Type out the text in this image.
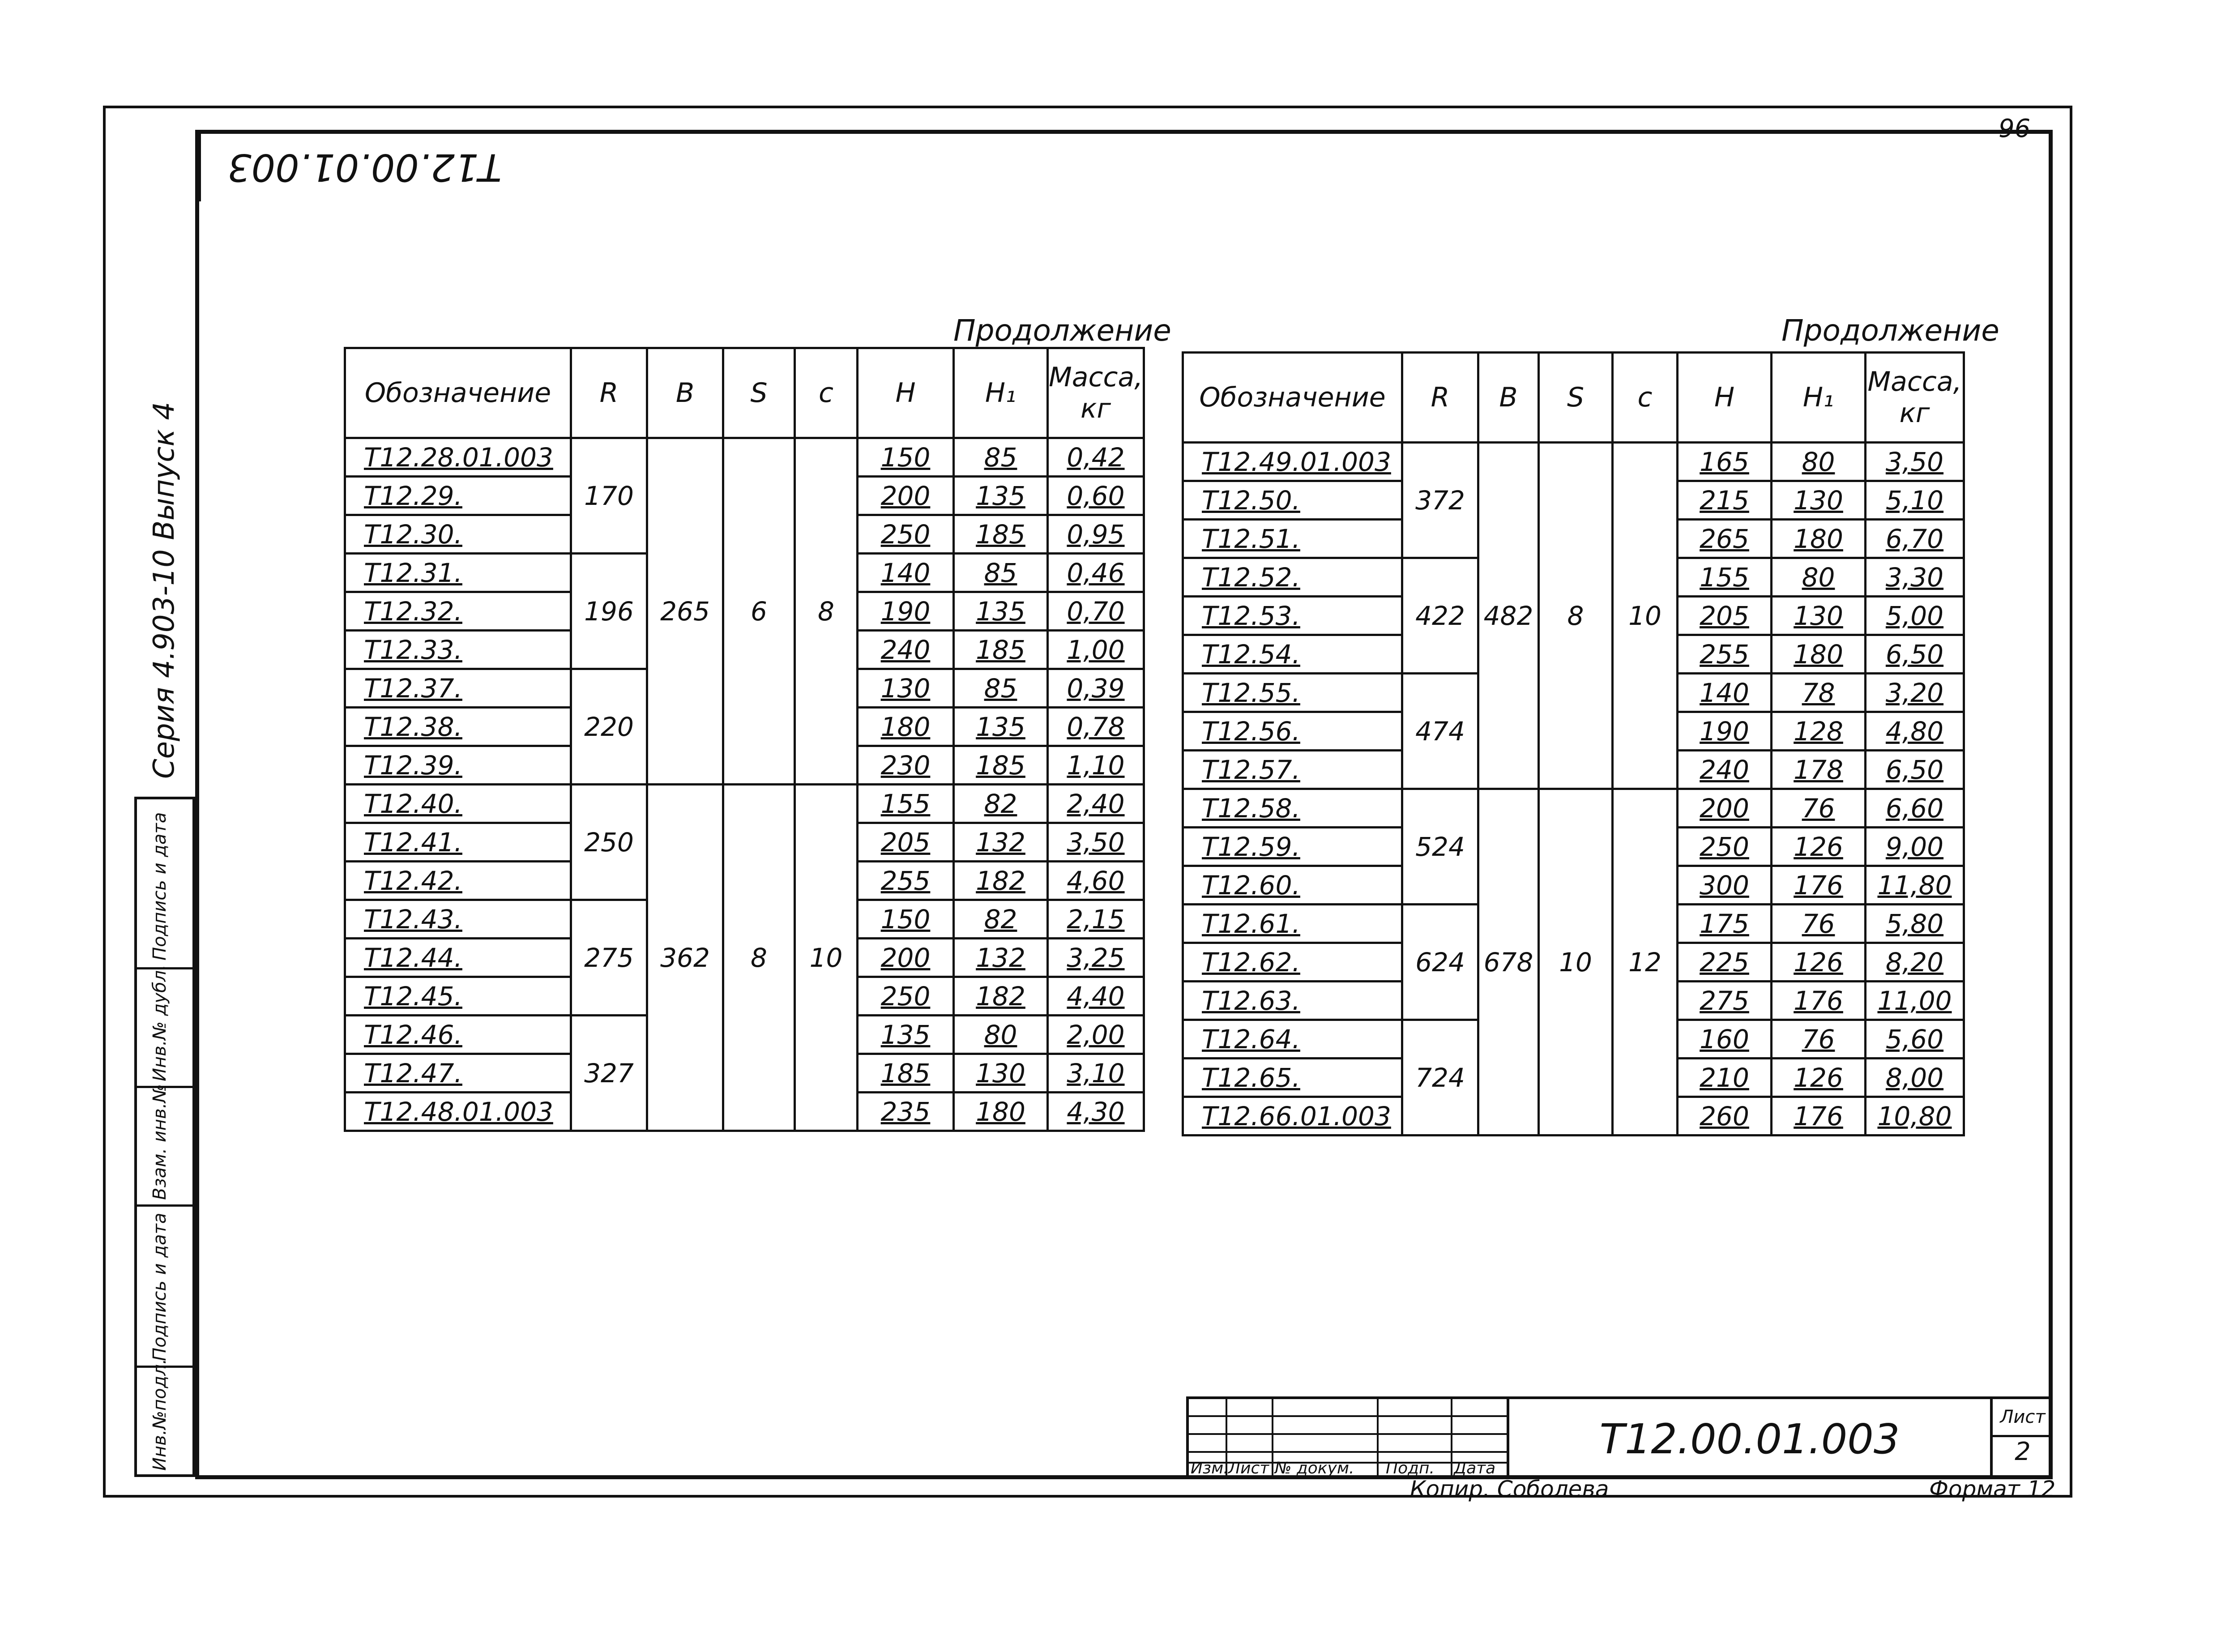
Т12.00.01.003
96
Серия 4.903-10 Выпуск 4
Подпись и дата
Инв.№ дубл.
Взам. инв.№
Подпись и дата
Инв.№подл.
Продолжение	Продолжение
Обозначение	R	B	S	c	H	H₁	Масса, кг
Т12.28.01.003	170	265	6	8	150	85	0,42
Т12.29.					200	135	0,60
Т12.30.					250	185	0,95
Т12.31.	196				140	85	0,46
Т12.32.					190	135	0,70
Т12.33.					240	185	1,00
Т12.37.	220				130	85	0,39
Т12.38.					180	135	0,78
Т12.39.					230	185	1,10
Т12.40.	250	362	8	10	155	82	2,40
Т12.41.					205	132	3,50
Т12.42.					255	182	4,60
Т12.43.	275				150	82	2,15
Т12.44.					200	132	3,25
Т12.45.					250	182	4,40
Т12.46.	327				135	80	2,00
Т12.47.					185	130	3,10
Т12.48.01.003					235	180	4,30
Обозначение	R	B	S	c	H	H₁	Масса, кг
Т12.49.01.003	372	482	8	10	165	80	3,50
Т12.50.					215	130	5,10
Т12.51.					265	180	6,70
Т12.52.	422				155	80	3,30
Т12.53.					205	130	5,00
Т12.54.					255	180	6,50
Т12.55.	474				140	78	3,20
Т12.56.					190	128	4,80
Т12.57.					240	178	6,50
Т12.58.	524	678	10	12	200	76	6,60
Т12.59.					250	126	9,00
Т12.60.					300	176	11,80
Т12.61.	624				175	76	5,80
Т12.62.					225	126	8,20
Т12.63.					275	176	11,00
Т12.64.	724				160	76	5,60
Т12.65.					210	126	8,00
Т12.66.01.003					260	176	10,80
Изм. Лист № докум. Подп. Дата
Т12.00.01.003	Лист
2
Копир. Соболева	Формат 12
